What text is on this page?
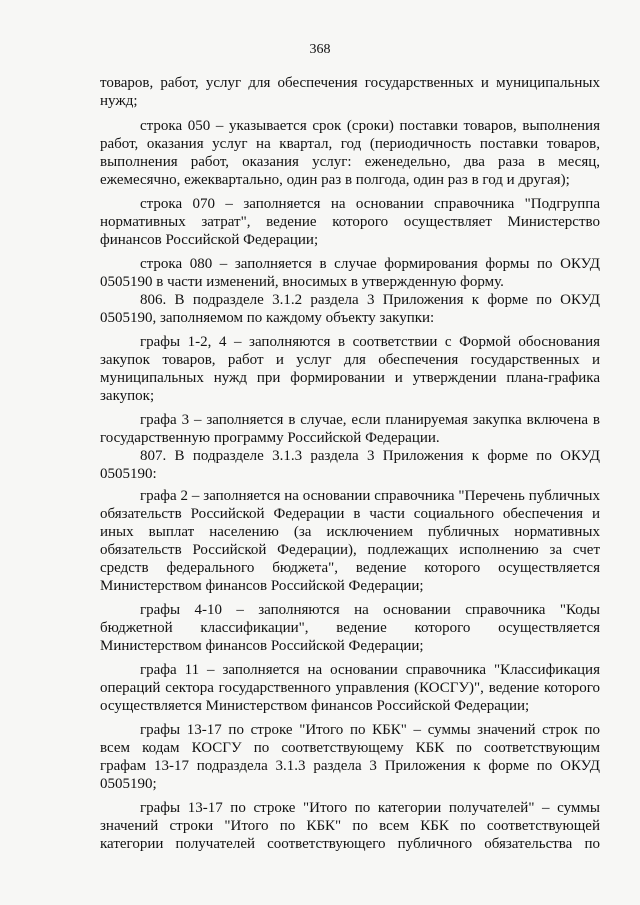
368
товаров, работ, услуг для обеспечения государственных и муниципальных
нужд;
строка 050 – указывается срок (сроки) поставки товаров, выполнения
работ, оказания услуг на квартал, год (периодичность поставки товаров,
выполнения работ, оказания услуг: еженедельно, два раза в месяц,
ежемесячно, ежеквартально, один раз в полгода, один раз в год и другая);
строка 070 – заполняется на основании справочника "Подгруппа
нормативных затрат", ведение которого осуществляет Министерство
финансов Российской Федерации;
строка 080 – заполняется в случае формирования формы по ОКУД
0505190 в части изменений, вносимых в утвержденную форму.
806. В подразделе 3.1.2 раздела 3 Приложения к форме по ОКУД
0505190, заполняемом по каждому объекту закупки:
графы 1-2, 4 – заполняются в соответствии с Формой обоснования
закупок товаров, работ и услуг для обеспечения государственных и
муниципальных нужд при формировании и утверждении плана-графика
закупок;
графа 3 – заполняется в случае, если планируемая закупка включена в
государственную программу Российской Федерации.
807. В подразделе 3.1.3 раздела 3 Приложения к форме по ОКУД
0505190:
графа 2 – заполняется на основании справочника "Перечень публичных
обязательств Российской Федерации в части социального обеспечения и
иных выплат населению (за исключением публичных нормативных
обязательств Российской Федерации), подлежащих исполнению за счет
средств федерального бюджета", ведение которого осуществляется
Министерством финансов Российской Федерации;
графы 4-10 – заполняются на основании справочника "Коды
бюджетной классификации", ведение которого осуществляется
Министерством финансов Российской Федерации;
графа 11 – заполняется на основании справочника "Классификация
операций сектора государственного управления (КОСГУ)", ведение которого
осуществляется Министерством финансов Российской Федерации;
графы 13-17 по строке "Итого по КБК" – суммы значений строк по
всем кодам КОСГУ по соответствующему КБК по соответствующим
графам 13-17 подраздела 3.1.3 раздела 3 Приложения к форме по ОКУД
0505190;
графы 13-17 по строке "Итого по категории получателей" – суммы
значений строки "Итого по КБК" по всем КБК по соответствующей
категории получателей соответствующего публичного обязательства по
